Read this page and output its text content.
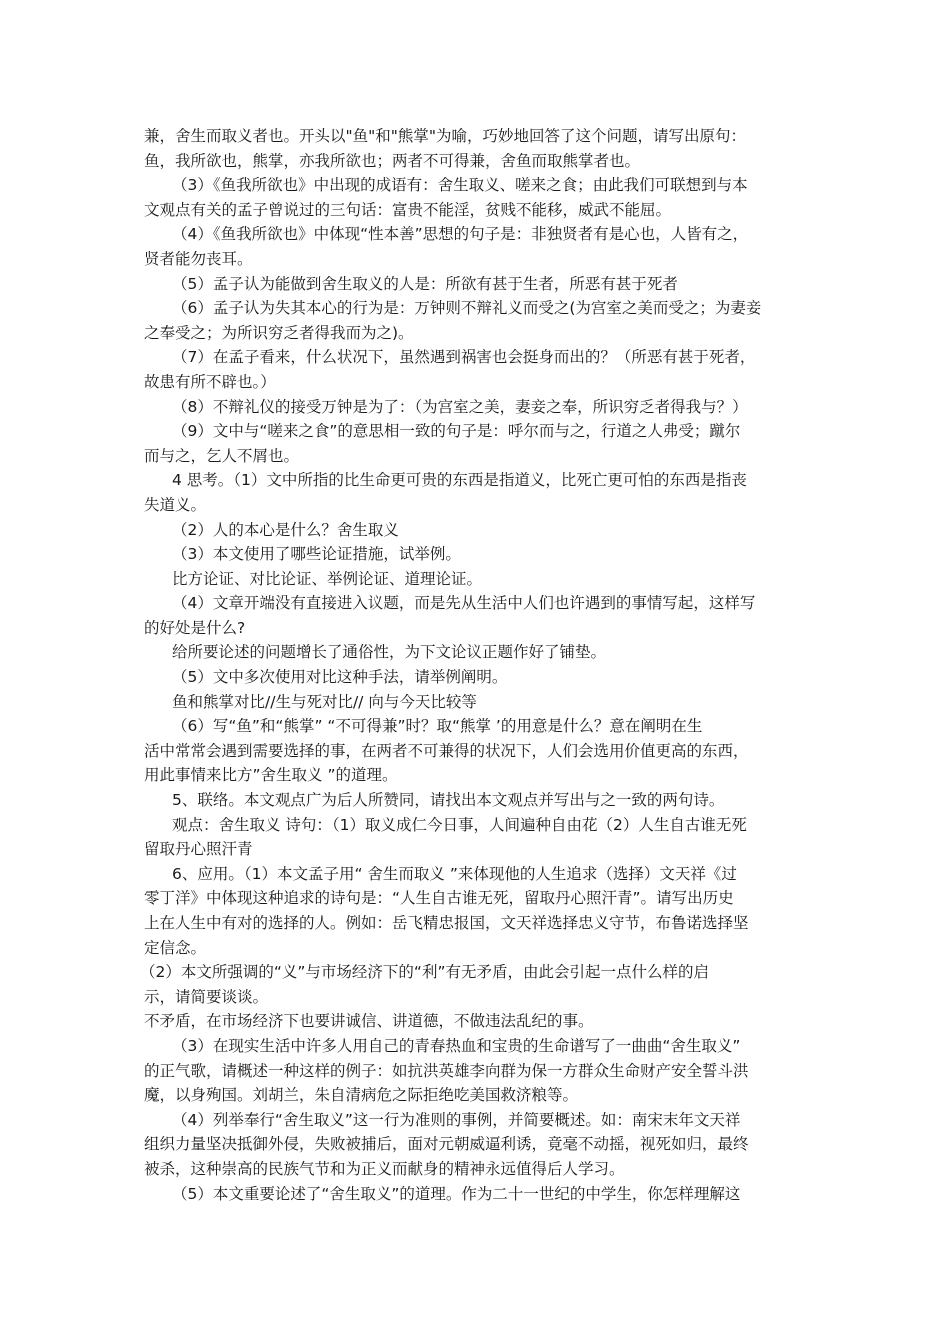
兼，舍生而取义者也。开头以"鱼"和"熊掌"为喻，巧妙地回答了这个问题，请写出原句：
鱼，我所欲也，熊掌，亦我所欲也；两者不可得兼，舍鱼而取熊掌者也。
（3）《鱼我所欲也》中出现的成语有：舍生取义、嗟来之食；由此我们可联想到与本
文观点有关的孟子曾说过的三句话：富贵不能淫，贫贱不能移，威武不能屈。
（4）《鱼我所欲也》中体现“性本善”思想的句子是：非独贤者有是心也，人皆有之，
贤者能勿丧耳。
（5）孟子认为能做到舍生取义的人是：所欲有甚于生者，所恶有甚于死者
（6）孟子认为失其本心的行为是：万钟则不辩礼义而受之(为宫室之美而受之；为妻妾
之奉受之；为所识穷乏者得我而为之)。
（7）在孟子看来，什么状况下，虽然遇到祸害也会挺身而出的？（所恶有甚于死者，
故患有所不辟也。）
（8）不辩礼仪的接受万钟是为了：（为宫室之美，妻妾之奉，所识穷乏者得我与？）
（9）文中与“嗟来之食”的意思相一致的句子是：呼尔而与之，行道之人弗受；蹴尔
而与之，乞人不屑也。
4 思考。（1）文中所指的比生命更可贵的东西是指道义，比死亡更可怕的东西是指丧
失道义。
（2）人的本心是什么？舍生取义
（3）本文使用了哪些论证措施，试举例。
比方论证、对比论证、举例论证、道理论证。
（4）文章开端没有直接进入议题，而是先从生活中人们也许遇到的事情写起，这样写
的好处是什么?
给所要论述的问题增长了通俗性，为下文论议正题作好了铺垫。
（5）文中多次使用对比这种手法，请举例阐明。
鱼和熊掌对比//生与死对比// 向与今天比较等
（6）写“鱼”和“熊掌” “不可得兼”时？取“熊掌 ’的用意是什么？意在阐明在生
活中常常会遇到需要选择的事，在两者不可兼得的状况下，人们会选用价值更高的东西，
用此事情来比方”舍生取义 ”的道理。
5、联络。本文观点广为后人所赞同，请找出本文观点并写出与之一致的两句诗。
观点：舍生取义 诗句：（1）取义成仁今日事，人间遍种自由花（2）人生自古谁无死
留取丹心照汗青
6、应用。（1）本文孟子用“ 舍生而取义 ”来体现他的人生追求（选择）文天祥《过
零丁洋》中体现这种追求的诗句是：“人生自古谁无死，留取丹心照汗青”。请写出历史
上在人生中有对的选择的人。例如：岳飞精忠报国，文天祥选择忠义守节，布鲁诺选择坚
定信念。
（2）本文所强调的“义”与市场经济下的“利”有无矛盾，由此会引起一点什么样的启
示，请简要谈谈。
不矛盾，在市场经济下也要讲诚信、讲道德，不做违法乱纪的事。
（3）在现实生活中许多人用自己的青春热血和宝贵的生命谱写了一曲曲“舍生取义”
的正气歌，请概述一种这样的例子：如抗洪英雄李向群为保一方群众生命财产安全誓斗洪
魔，以身殉国。刘胡兰，朱自清病危之际拒绝吃美国救济粮等。
（4）列举奉行“舍生取义”这一行为准则的事例，并简要概述。如：南宋末年文天祥
组织力量坚决抵御外侵，失败被捕后，面对元朝威逼利诱，竟毫不动摇，视死如归，最终
被杀，这种崇高的民族气节和为正义而献身的精神永远值得后人学习。
（5）本文重要论述了“舍生取义”的道理。作为二十一世纪的中学生，你怎样理解这
